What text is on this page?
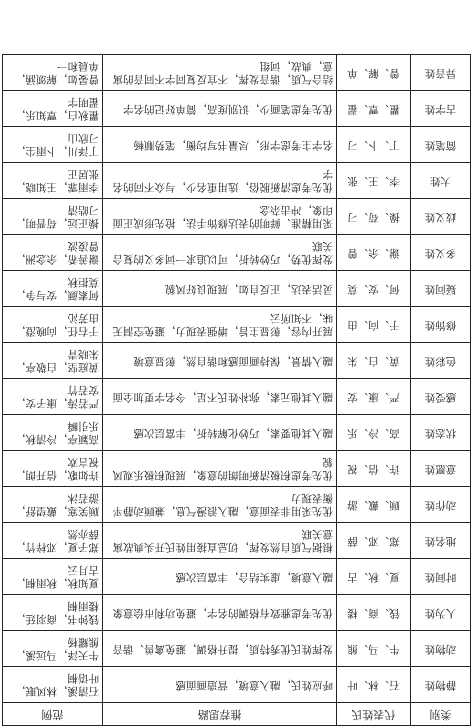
类别	代表姓氏	推荐思路	范例
静物姓	石、林、叶	呼应姓氏，融入意境，营造画面感	石清溪，林风眠，叶语桐
动物姓	牛、马、熊	发挥姓氏优秀特质，提升格调，避免禽兽、谐音	牛天泽，马远溪，熊耀杨
人为姓	钱、商、楼	优先考虑雅致有格调的名字，避免功利市侩意象	钱钟书，商羽廷，楼雨桐
时间姓	夏、秋、古	融入意境，虚实结合，丰富层次感	夏知秋，秋雨桐，古月云
地名姓	郑、邓、薛	根据气质自然发挥，切忌直接用姓氏开头典故寓意关联	郑子夏，邓梓竹，薛亦然
动作姓	顾、戴、游	优先采用非表面意，融入浪漫气息，兼顾动静平衡表现力	顾笑寒，戴望舒，游若沐
意愿姓	许、信、祝	优先考虑积极清新明朗的意象，展现积极乐观风貌	许如歌，信开朗，祝言欢
状态姓	高、冷、乐	融入其他要素，巧妙化解转折，丰富层次感	高颖亭，冷清秋，乐引瞬
感受姓	严、康、安	融入其他元素，弥补姓氏不足，令名字更加全面	严若涛，康子安，安若竹
色彩姓	黄、白、朱	融入情景，保持画面感和谐自然，彰显意境	黄庭坚，白敬亭，朱晓青
修饰姓	于、向、由	展开内容，彰显主旨，增强表现力，避免空洞无味，不知所云	于右任，向晚澄，由芳沁
疑问姓	何、安、莫	灵活表达，正反自如，展现良好风貌	何素颜，安与争，莫拒秋
多义姓	谢、余、曾	发挥优势，巧妙转折，可以追求一词多义的复合关联	谢善希，余念洲，曾凌波
歧义姓	操、苟、刁	采用精准、鲜明的表达修饰手法，抢先形成正面印象，冲击杂念	操正远，苟晋明，刁皓清
大姓	李、王、张	优先考虑清新脱俗，选用重名少，与众不同的名字	李雨霏，王知晓，张居正
简笔姓	丁、卜、刁	名字主考虑字形，尽量书写均衡，笔势顺畅	丁泽川，卜雨尘，刁欣山
古字姓	瞿、覃、翟	优先考虑笔画少，识别度高，简单好记的名字	瞿秋白，覃知乐，翟明宇
异音姓	曾、解、单	结合气质，谐音发挥，不宜反复同字不同音的寓意，典故，词组	曾晏如，解颂涵，单晨和一
